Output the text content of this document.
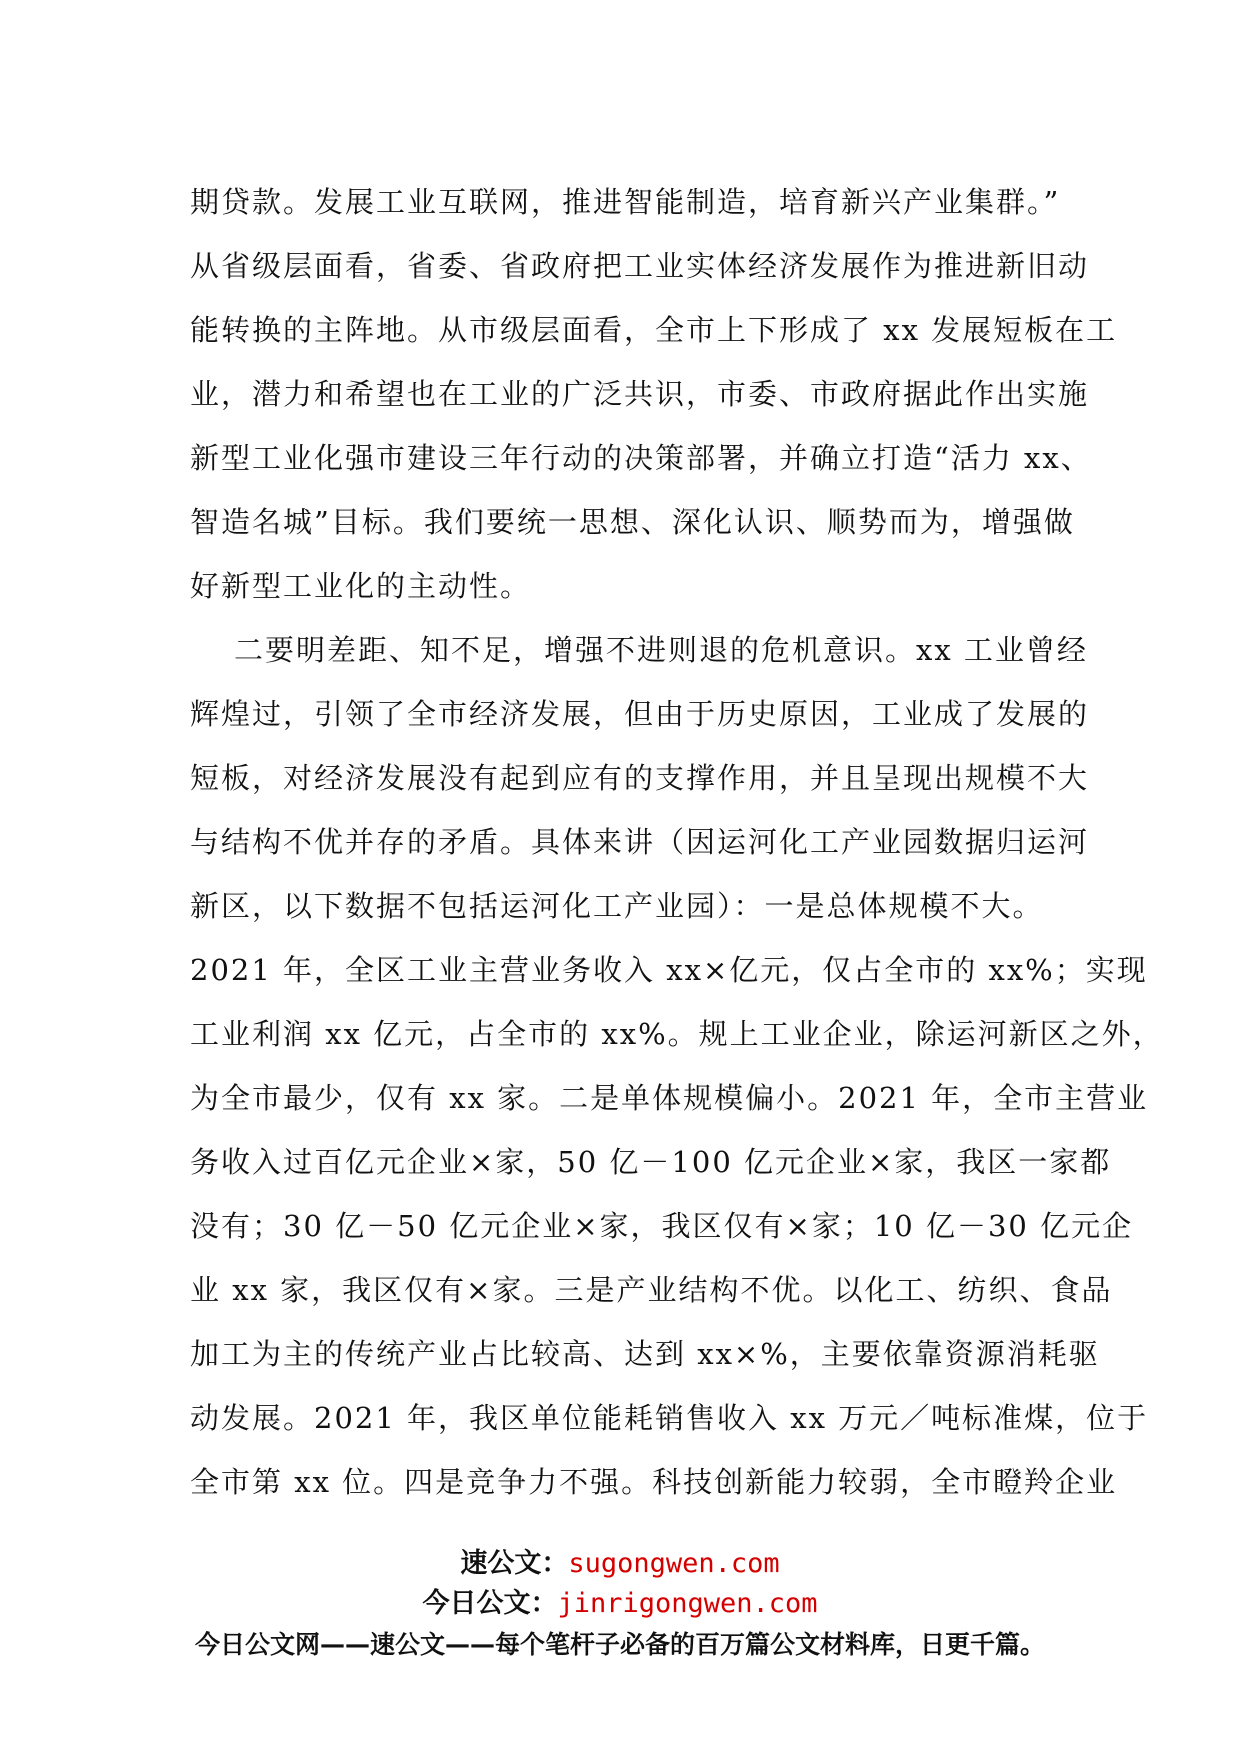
期贷款。发展工业互联网，推进智能制造，培育新兴产业集群。”
从省级层面看，省委、省政府把工业实体经济发展作为推进新旧动
能转换的主阵地。从市级层面看，全市上下形成了 xx 发展短板在工
业，潜力和希望也在工业的广泛共识，市委、市政府据此作出实施
新型工业化强市建设三年行动的决策部署，并确立打造“活力 xx、
智造名城”目标。我们要统一思想、深化认识、顺势而为，增强做
好新型工业化的主动性。
二要明差距、知不足，增强不进则退的危机意识。xx 工业曾经
辉煌过，引领了全市经济发展，但由于历史原因，工业成了发展的
短板，对经济发展没有起到应有的支撑作用，并且呈现出规模不大
与结构不优并存的矛盾。具体来讲（因运河化工产业园数据归运河
新区，以下数据不包括运河化工产业园）：一是总体规模不大。
2021 年，全区工业主营业务收入 xx×亿元，仅占全市的 xx%；实现
工业利润 xx 亿元，占全市的 xx%。规上工业企业，除运河新区之外，
为全市最少，仅有 xx 家。二是单体规模偏小。2021 年，全市主营业
务收入过百亿元企业×家，50 亿－100 亿元企业×家，我区一家都
没有；30 亿－50 亿元企业×家，我区仅有×家；10 亿－30 亿元企
业 xx 家，我区仅有×家。三是产业结构不优。以化工、纺织、食品
加工为主的传统产业占比较高、达到 xx×%，主要依靠资源消耗驱
动发展。2021 年，我区单位能耗销售收入 xx 万元／吨标准煤，位于
全市第 xx 位。四是竞争力不强。科技创新能力较弱，全市瞪羚企业
速公文：sugongwen.com
今日公文：jinrigongwen.com
今日公文网——速公文——每个笔杆子必备的百万篇公文材料库，日更千篇。
